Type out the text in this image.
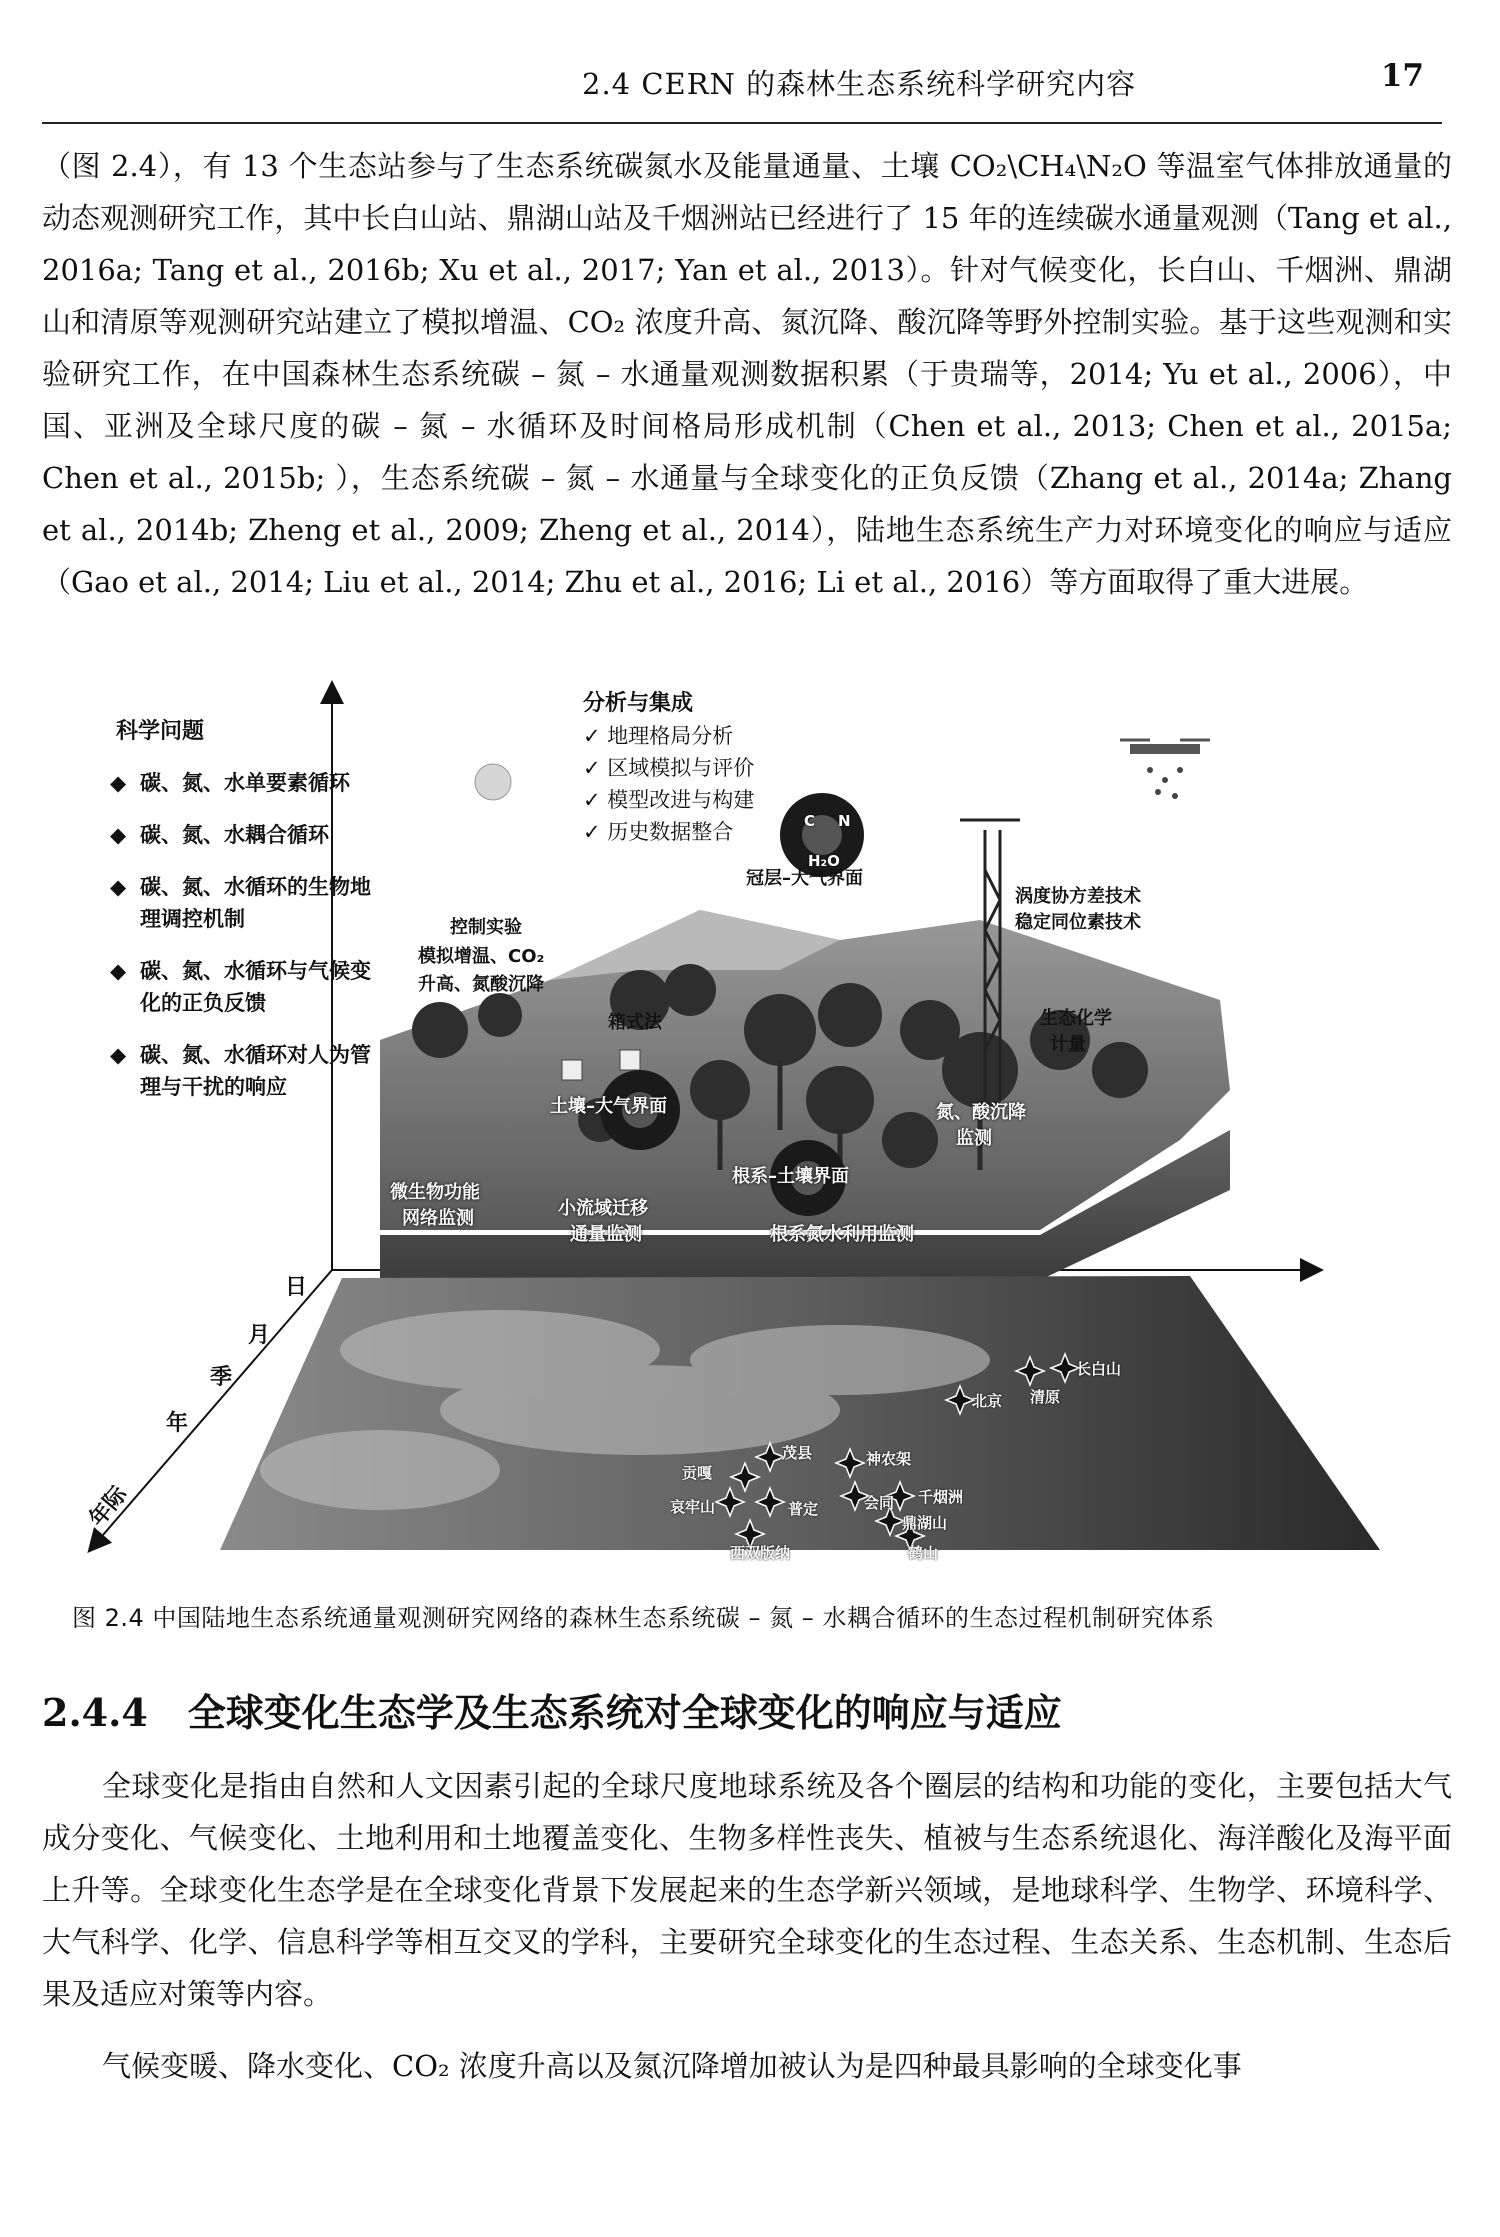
2.4 CERN 的森林生态系统科学研究内容	17

（图 2.4），有 13 个生态站参与了生态系统碳氮水及能量通量、土壤 CO₂\CH₄\N₂O 等温室气体排放通量的动态观测研究工作，其中长白山站、鼎湖山站及千烟洲站已经进行了 15 年的连续碳水通量观测（Tang et al., 2016a; Tang et al., 2016b; Xu et al., 2017; Yan et al., 2013）。针对气候变化，长白山、千烟洲、鼎湖山和清原等观测研究站建立了模拟增温、CO₂ 浓度升高、氮沉降、酸沉降等野外控制实验。基于这些观测和实验研究工作，在中国森林生态系统碳 – 氮 – 水通量观测数据积累（于贵瑞等，2014; Yu et al., 2006），中国、亚洲及全球尺度的碳 – 氮 – 水循环及时间格局形成机制（Chen et al., 2013; Chen et al., 2015a; Chen et al., 2015b; ），生态系统碳 – 氮 – 水通量与全球变化的正负反馈（Zhang et al., 2014a; Zhang et al., 2014b; Zheng et al., 2009; Zheng et al., 2014），陆地生态系统生产力对环境变化的响应与适应（Gao et al., 2014; Liu et al., 2014; Zhu et al., 2016; Li et al., 2016）等方面取得了重大进展。

科学问题
◆ 碳、氮、水单要素循环
◆ 碳、氮、水耦合循环
◆ 碳、氮、水循环的生物地理调控机制
◆ 碳、氮、水循环与气候变化的正负反馈
◆ 碳、氮、水循环对人为管理与干扰的响应
分析与集成
✓ 地理格局分析
✓ 区域模拟与评价
✓ 模型改进与构建
✓ 历史数据整合
冠层–大气界面
涡度协方差技术
稳定同位素技术
控制实验
模拟增温、CO₂
升高、氮酸沉降
箱式法	生态化学
计量
土壤–大气界面	氮、酸沉降
监测
微生物功能
网络监测	小流域迁移
通量监测
根系–土壤界面
根系氮水利用监测
C N
H₂O
日
月
季
年
年际
长白山
北京 清原
茂县	神农架
贡嘎
哀牢山	普定	会同 千烟洲
鼎湖山
西双版纳	鹤山
图 2.4 中国陆地生态系统通量观测研究网络的森林生态系统碳 – 氮 – 水耦合循环的生态过程机制研究体系
2.4.4 全球变化生态学及生态系统对全球变化的响应与适应

全球变化是指由自然和人文因素引起的全球尺度地球系统及各个圈层的结构和功能的变化，主要包括大气成分变化、气候变化、土地利用和土地覆盖变化、生物多样性丧失、植被与生态系统退化、海洋酸化及海平面上升等。全球变化生态学是在全球变化背景下发展起来的生态学新兴领域，是地球科学、生物学、环境科学、大气科学、化学、信息科学等相互交叉的学科，主要研究全球变化的生态过程、生态关系、生态机制、生态后果及适应对策等内容。

气候变暖、降水变化、CO₂ 浓度升高以及氮沉降增加被认为是四种最具影响的全球变化事
